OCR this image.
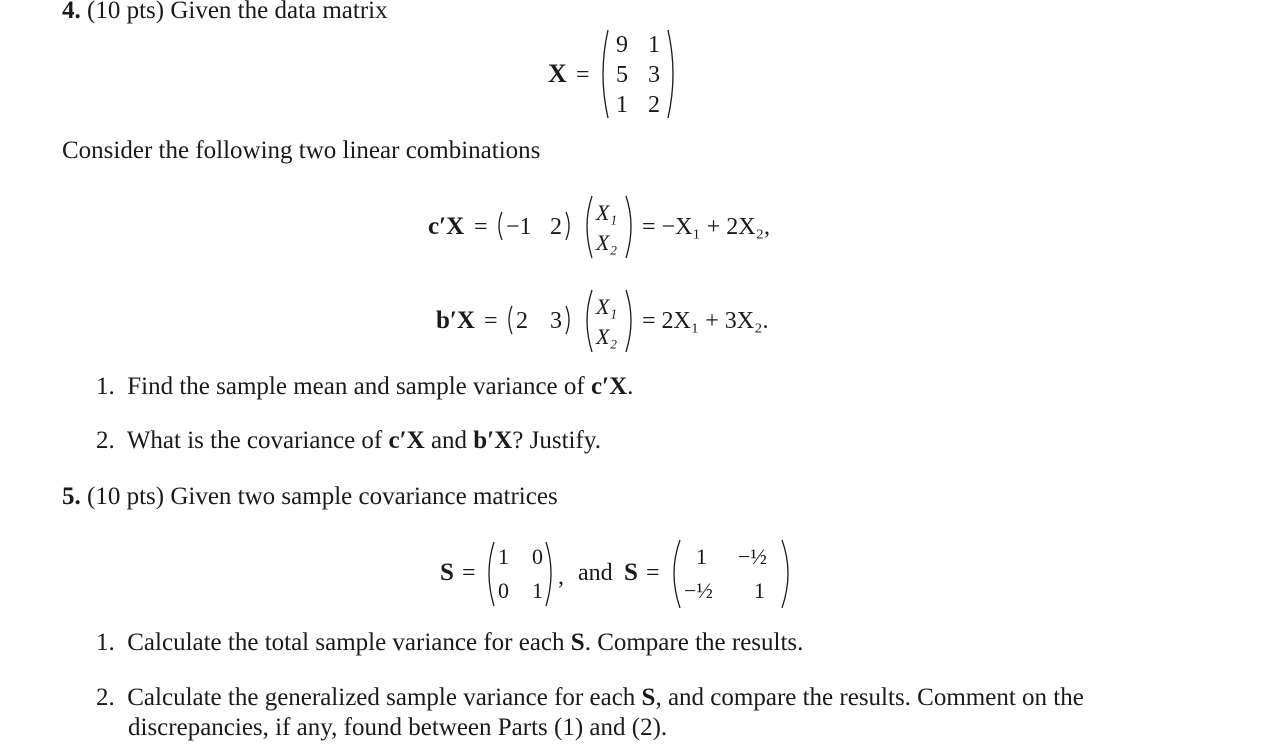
4. (10 pts) Given the data matrix
X =
9 1
5 3
1 2
Consider the following two linear combinations
c′X = −1 2
X₁
X₂
= −X₁ + 2X₂,
b′X = 2 3
X₁
X₂
= 2X₁ + 3X₂.
1. Find the sample mean and sample variance of c′X.
2. What is the covariance of c′X and b′X? Justify.
5. (10 pts) Given two sample covariance matrices
S =
1 0
0 1
, and S =
1 −½
−½ 1
1. Calculate the total sample variance for each S. Compare the results.
2. Calculate the generalized sample variance for each S, and compare the results. Comment on the
discrepancies, if any, found between Parts (1) and (2).
